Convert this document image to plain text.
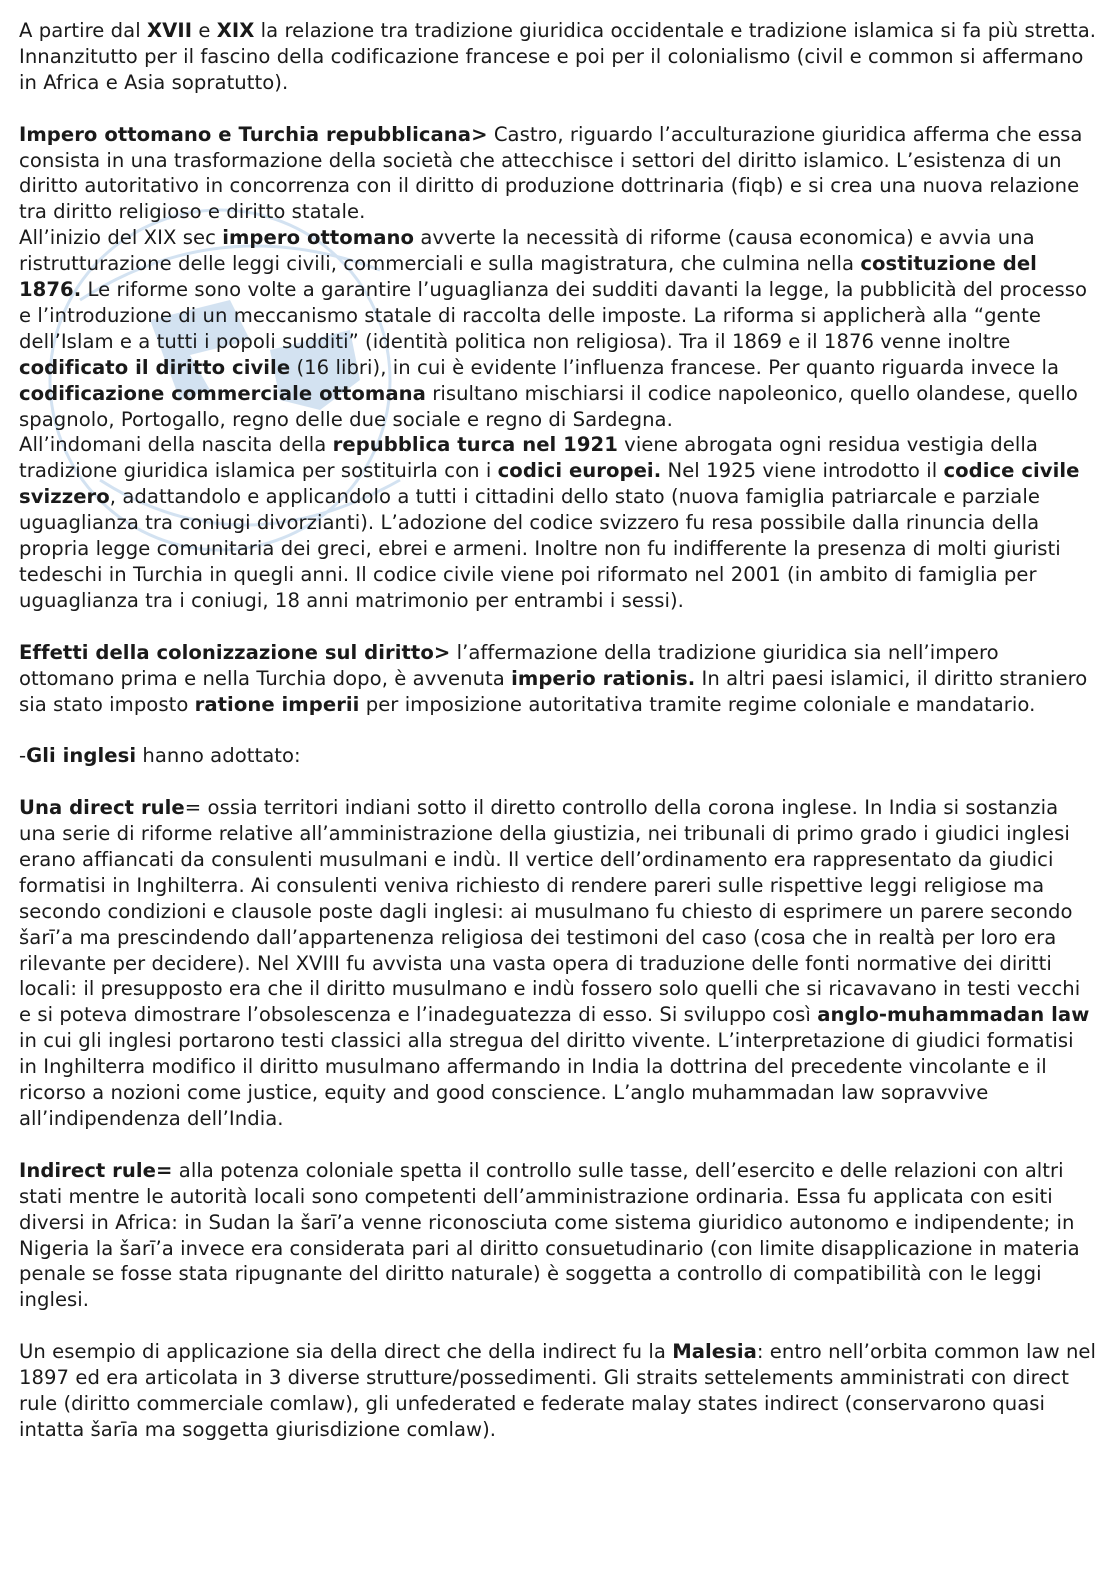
A partire dal XVII e XIX la relazione tra tradizione giuridica occidentale e tradizione islamica si fa più stretta. Innanzitutto per il fascino della codificazione francese e poi per il colonialismo (civil e common si affermano in Africa e Asia sopratutto).

Impero ottomano e Turchia repubblicana> Castro, riguardo l’acculturazione giuridica afferma che essa consista in una trasformazione della società che attecchisce i settori del diritto islamico. L’esistenza di un diritto autoritativo in concorrenza con il diritto di produzione dottrinaria (fiqb) e si crea una nuova relazione tra diritto religioso e diritto statale.

All’inizio del XIX sec impero ottomano avverte la necessità di riforme (causa economica) e avvia una ristrutturazione delle leggi civili, commerciali e sulla magistratura, che culmina nella costituzione del 1876. Le riforme sono volte a garantire l’uguaglianza dei sudditi davanti la legge, la pubblicità del processo e l’introduzione di un meccanismo statale di raccolta delle imposte. La riforma si applicherà alla “gente dell’Islam e a tutti i popoli sudditi” (identità politica non religiosa). Tra il 1869 e il 1876 venne inoltre codificato il diritto civile (16 libri), in cui è evidente l’influenza francese. Per quanto riguarda invece la codificazione commerciale ottomana risultano mischiarsi il codice napoleonico, quello olandese, quello spagnolo, Portogallo, regno delle due sociale e regno di Sardegna.

All’indomani della nascita della repubblica turca nel 1921 viene abrogata ogni residua vestigia della tradizione giuridica islamica per sostituirla con i codici europei. Nel 1925 viene introdotto il codice civile svizzero, adattandolo e applicandolo a tutti i cittadini dello stato (nuova famiglia patriarcale e parziale uguaglianza tra coniugi divorzianti). L’adozione del codice svizzero fu resa possibile dalla rinuncia della propria legge comunitaria dei greci, ebrei e armeni. Inoltre non fu indifferente la presenza di molti giuristi tedeschi in Turchia in quegli anni. Il codice civile viene poi riformato nel 2001 (in ambito di famiglia per uguaglianza tra i coniugi, 18 anni matrimonio per entrambi i sessi).

Effetti della colonizzazione sul diritto> l’affermazione della tradizione giuridica sia nell’impero ottomano prima e nella Turchia dopo, è avvenuta imperio rationis. In altri paesi islamici, il diritto straniero sia stato imposto ratione imperii per imposizione autoritativa tramite regime coloniale e mandatario.

-Gli inglesi hanno adottato:

Una direct rule= ossia territori indiani sotto il diretto controllo della corona inglese. In India si sostanzia una serie di riforme relative all’amministrazione della giustizia, nei tribunali di primo grado i giudici inglesi erano affiancati da consulenti musulmani e indù. Il vertice dell’ordinamento era rappresentato da giudici formatisi in Inghilterra. Ai consulenti veniva richiesto di rendere pareri sulle rispettive leggi religiose ma secondo condizioni e clausole poste dagli inglesi: ai musulmano fu chiesto di esprimere un parere secondo šarī’a ma prescindendo dall’appartenenza religiosa dei testimoni del caso (cosa che in realtà per loro era rilevante per decidere). Nel XVIII fu avvista una vasta opera di traduzione delle fonti normative dei diritti locali: il presupposto era che il diritto musulmano e indù fossero solo quelli che si ricavavano in testi vecchi e si poteva dimostrare l’obsolescenza e l’inadeguatezza di esso. Si sviluppo così anglo-muhammadan law in cui gli inglesi portarono testi classici alla stregua del diritto vivente. L’interpretazione di giudici formatisi in Inghilterra modifico il diritto musulmano affermando in India la dottrina del precedente vincolante e il ricorso a nozioni come justice, equity and good conscience. L’anglo muhammadan law sopravvive all’indipendenza dell’India.

Indirect rule= alla potenza coloniale spetta il controllo sulle tasse, dell’esercito e delle relazioni con altri stati mentre le autorità locali sono competenti dell’amministrazione ordinaria. Essa fu applicata con esiti diversi in Africa: in Sudan la šarī’a venne riconosciuta come sistema giuridico autonomo e indipendente; in Nigeria la šarī’a invece era considerata pari al diritto consuetudinario (con limite disapplicazione in materia penale se fosse stata ripugnante del diritto naturale) è soggetta a controllo di compatibilità con le leggi inglesi.

Un esempio di applicazione sia della direct che della indirect fu la Malesia: entro nell’orbita common law nel 1897 ed era articolata in 3 diverse strutture/possedimenti. Gli straits settelements amministrati con direct rule (diritto commerciale comlaw), gli unfederated e federate malay states indirect (conservarono quasi intatta šarīa ma soggetta giurisdizione comlaw).
